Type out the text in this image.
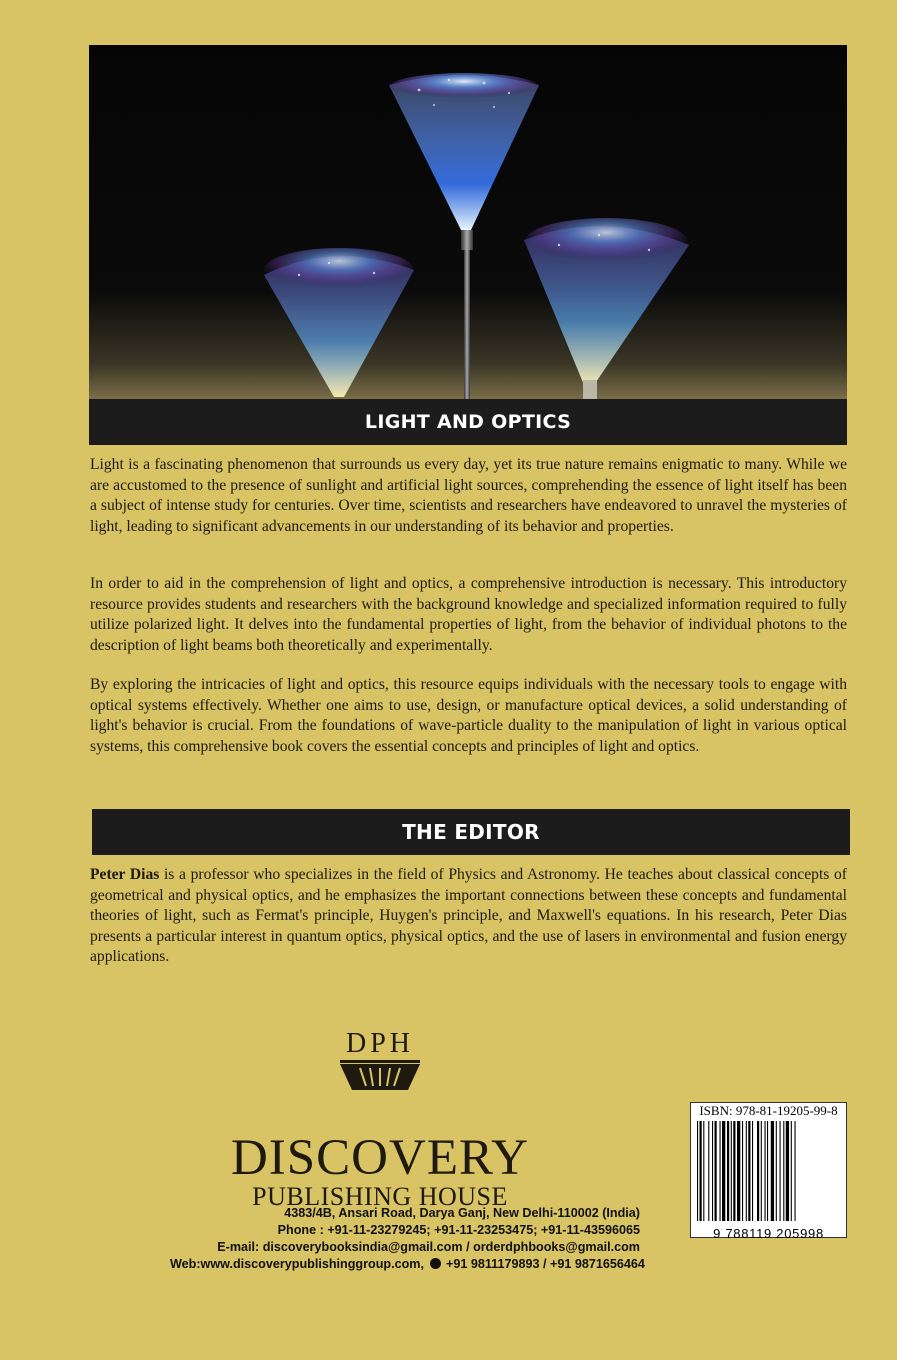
LIGHT AND OPTICS

Light is a fascinating phenomenon that surrounds us every day, yet its true nature remains enigmatic to many. While we are accustomed to the presence of sunlight and artificial light sources, comprehending the essence of light itself has been a subject of intense study for centuries. Over time, scientists and researchers have endeavored to unravel the mysteries of light, leading to significant advancements in our understanding of its behavior and properties.

In order to aid in the comprehension of light and optics, a comprehensive introduction is necessary. This introductory resource provides students and researchers with the background knowledge and specialized information required to fully utilize polarized light. It delves into the fundamental properties of light, from the behavior of individual photons to the description of light beams both theoretically and experimentally.

By exploring the intricacies of light and optics, this resource equips individuals with the necessary tools to engage with optical systems effectively. Whether one aims to use, design, or manufacture optical devices, a solid understanding of light's behavior is crucial. From the foundations of wave-particle duality to the manipulation of light in various optical systems, this comprehensive book covers the essential concepts and principles of light and optics.

THE EDITOR

Peter Dias is a professor who specializes in the field of Physics and Astronomy. He teaches about classical concepts of geometrical and physical optics, and he emphasizes the important connections between these concepts and fundamental theories of light, such as Fermat's principle, Huygen's principle, and Maxwell's equations. In his research, Peter Dias presents a particular interest in quantum optics, physical optics, and the use of lasers in environmental and fusion energy applications.

DPH
DISCOVERY
PUBLISHING HOUSE
4383/4B, Ansari Road, Darya Ganj, New Delhi-110002 (India)
Phone : +91-11-23279245; +91-11-23253475; +91-11-43596065
E-mail: discoverybooksindia@gmail.com / orderdphbooks@gmail.com
Web:www.discoverypublishinggroup.com, +91 9811179893 / +91 9871656464
ISBN: 978-81-19205-99-8
9 788119 205998
